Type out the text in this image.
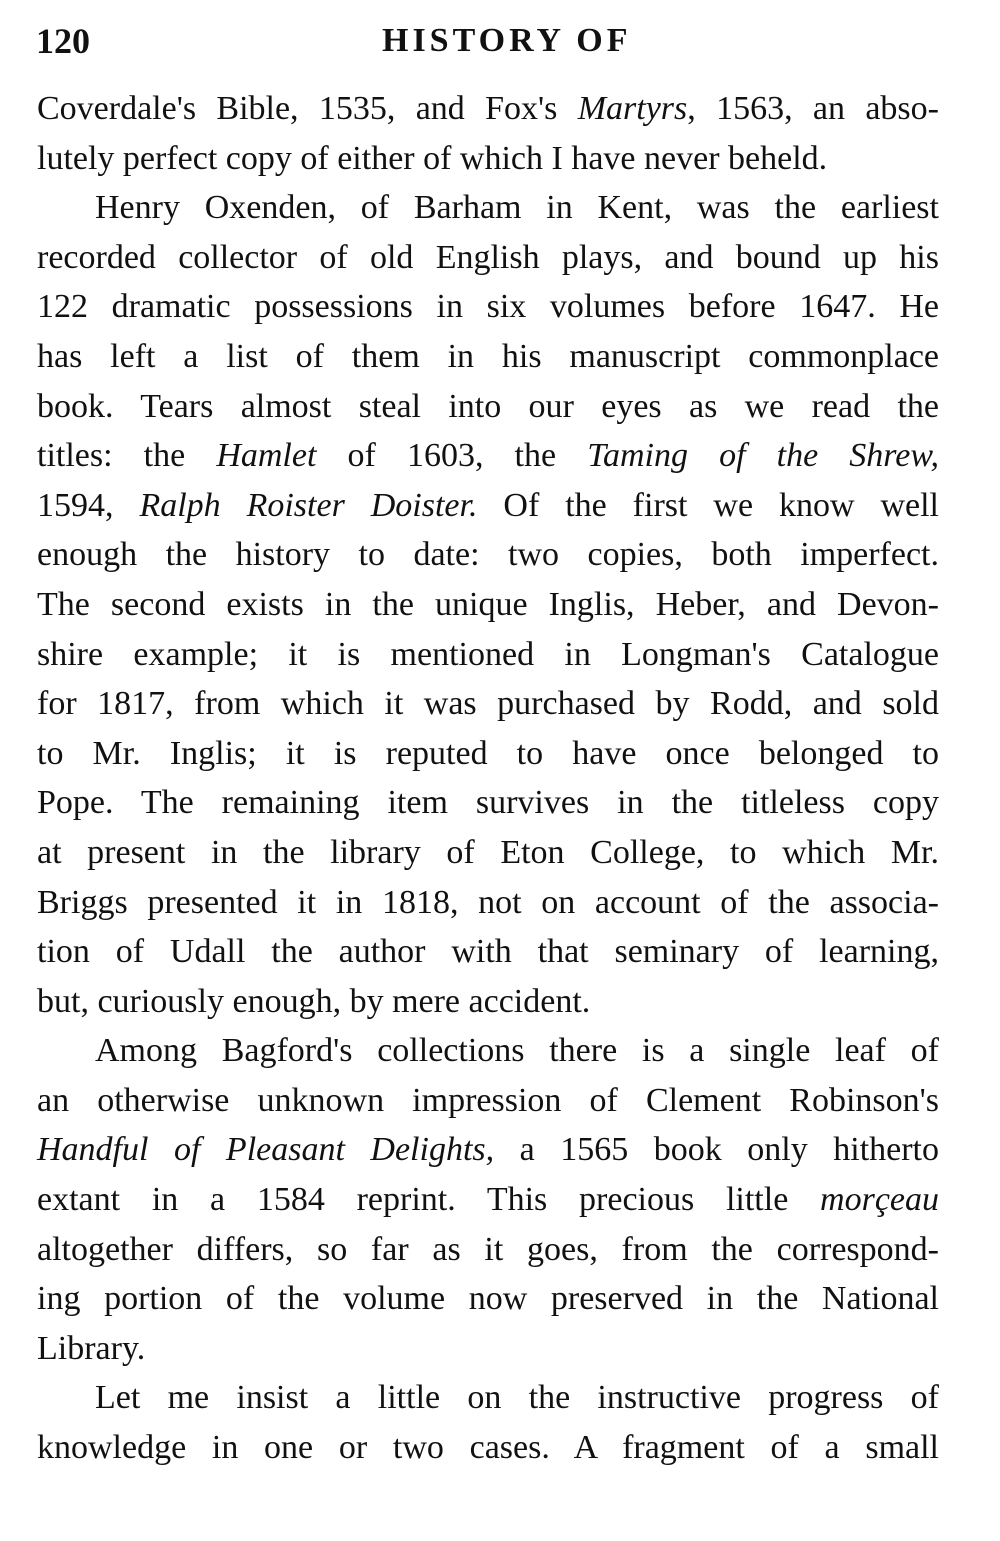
120	HISTORY OF
Coverdale's Bible, 1535, and Fox's Martyrs, 1563, an abso-
lutely perfect copy of either of which I have never beheld.
Henry Oxenden, of Barham in Kent, was the earliest
recorded collector of old English plays, and bound up his
122 dramatic possessions in six volumes before 1647. He
has left a list of them in his manuscript commonplace
book. Tears almost steal into our eyes as we read the
titles: the Hamlet of 1603, the Taming of the Shrew,
1594, Ralph Roister Doister. Of the first we know well
enough the history to date: two copies, both imperfect.
The second exists in the unique Inglis, Heber, and Devon-
shire example; it is mentioned in Longman's Catalogue
for 1817, from which it was purchased by Rodd, and sold
to Mr. Inglis; it is reputed to have once belonged to
Pope. The remaining item survives in the titleless copy
at present in the library of Eton College, to which Mr.
Briggs presented it in 1818, not on account of the associa-
tion of Udall the author with that seminary of learning,
but, curiously enough, by mere accident.
Among Bagford's collections there is a single leaf of
an otherwise unknown impression of Clement Robinson's
Handful of Pleasant Delights, a 1565 book only hitherto
extant in a 1584 reprint. This precious little morçeau
altogether differs, so far as it goes, from the correspond-
ing portion of the volume now preserved in the National
Library.
Let me insist a little on the instructive progress of
knowledge in one or two cases. A fragment of a small
